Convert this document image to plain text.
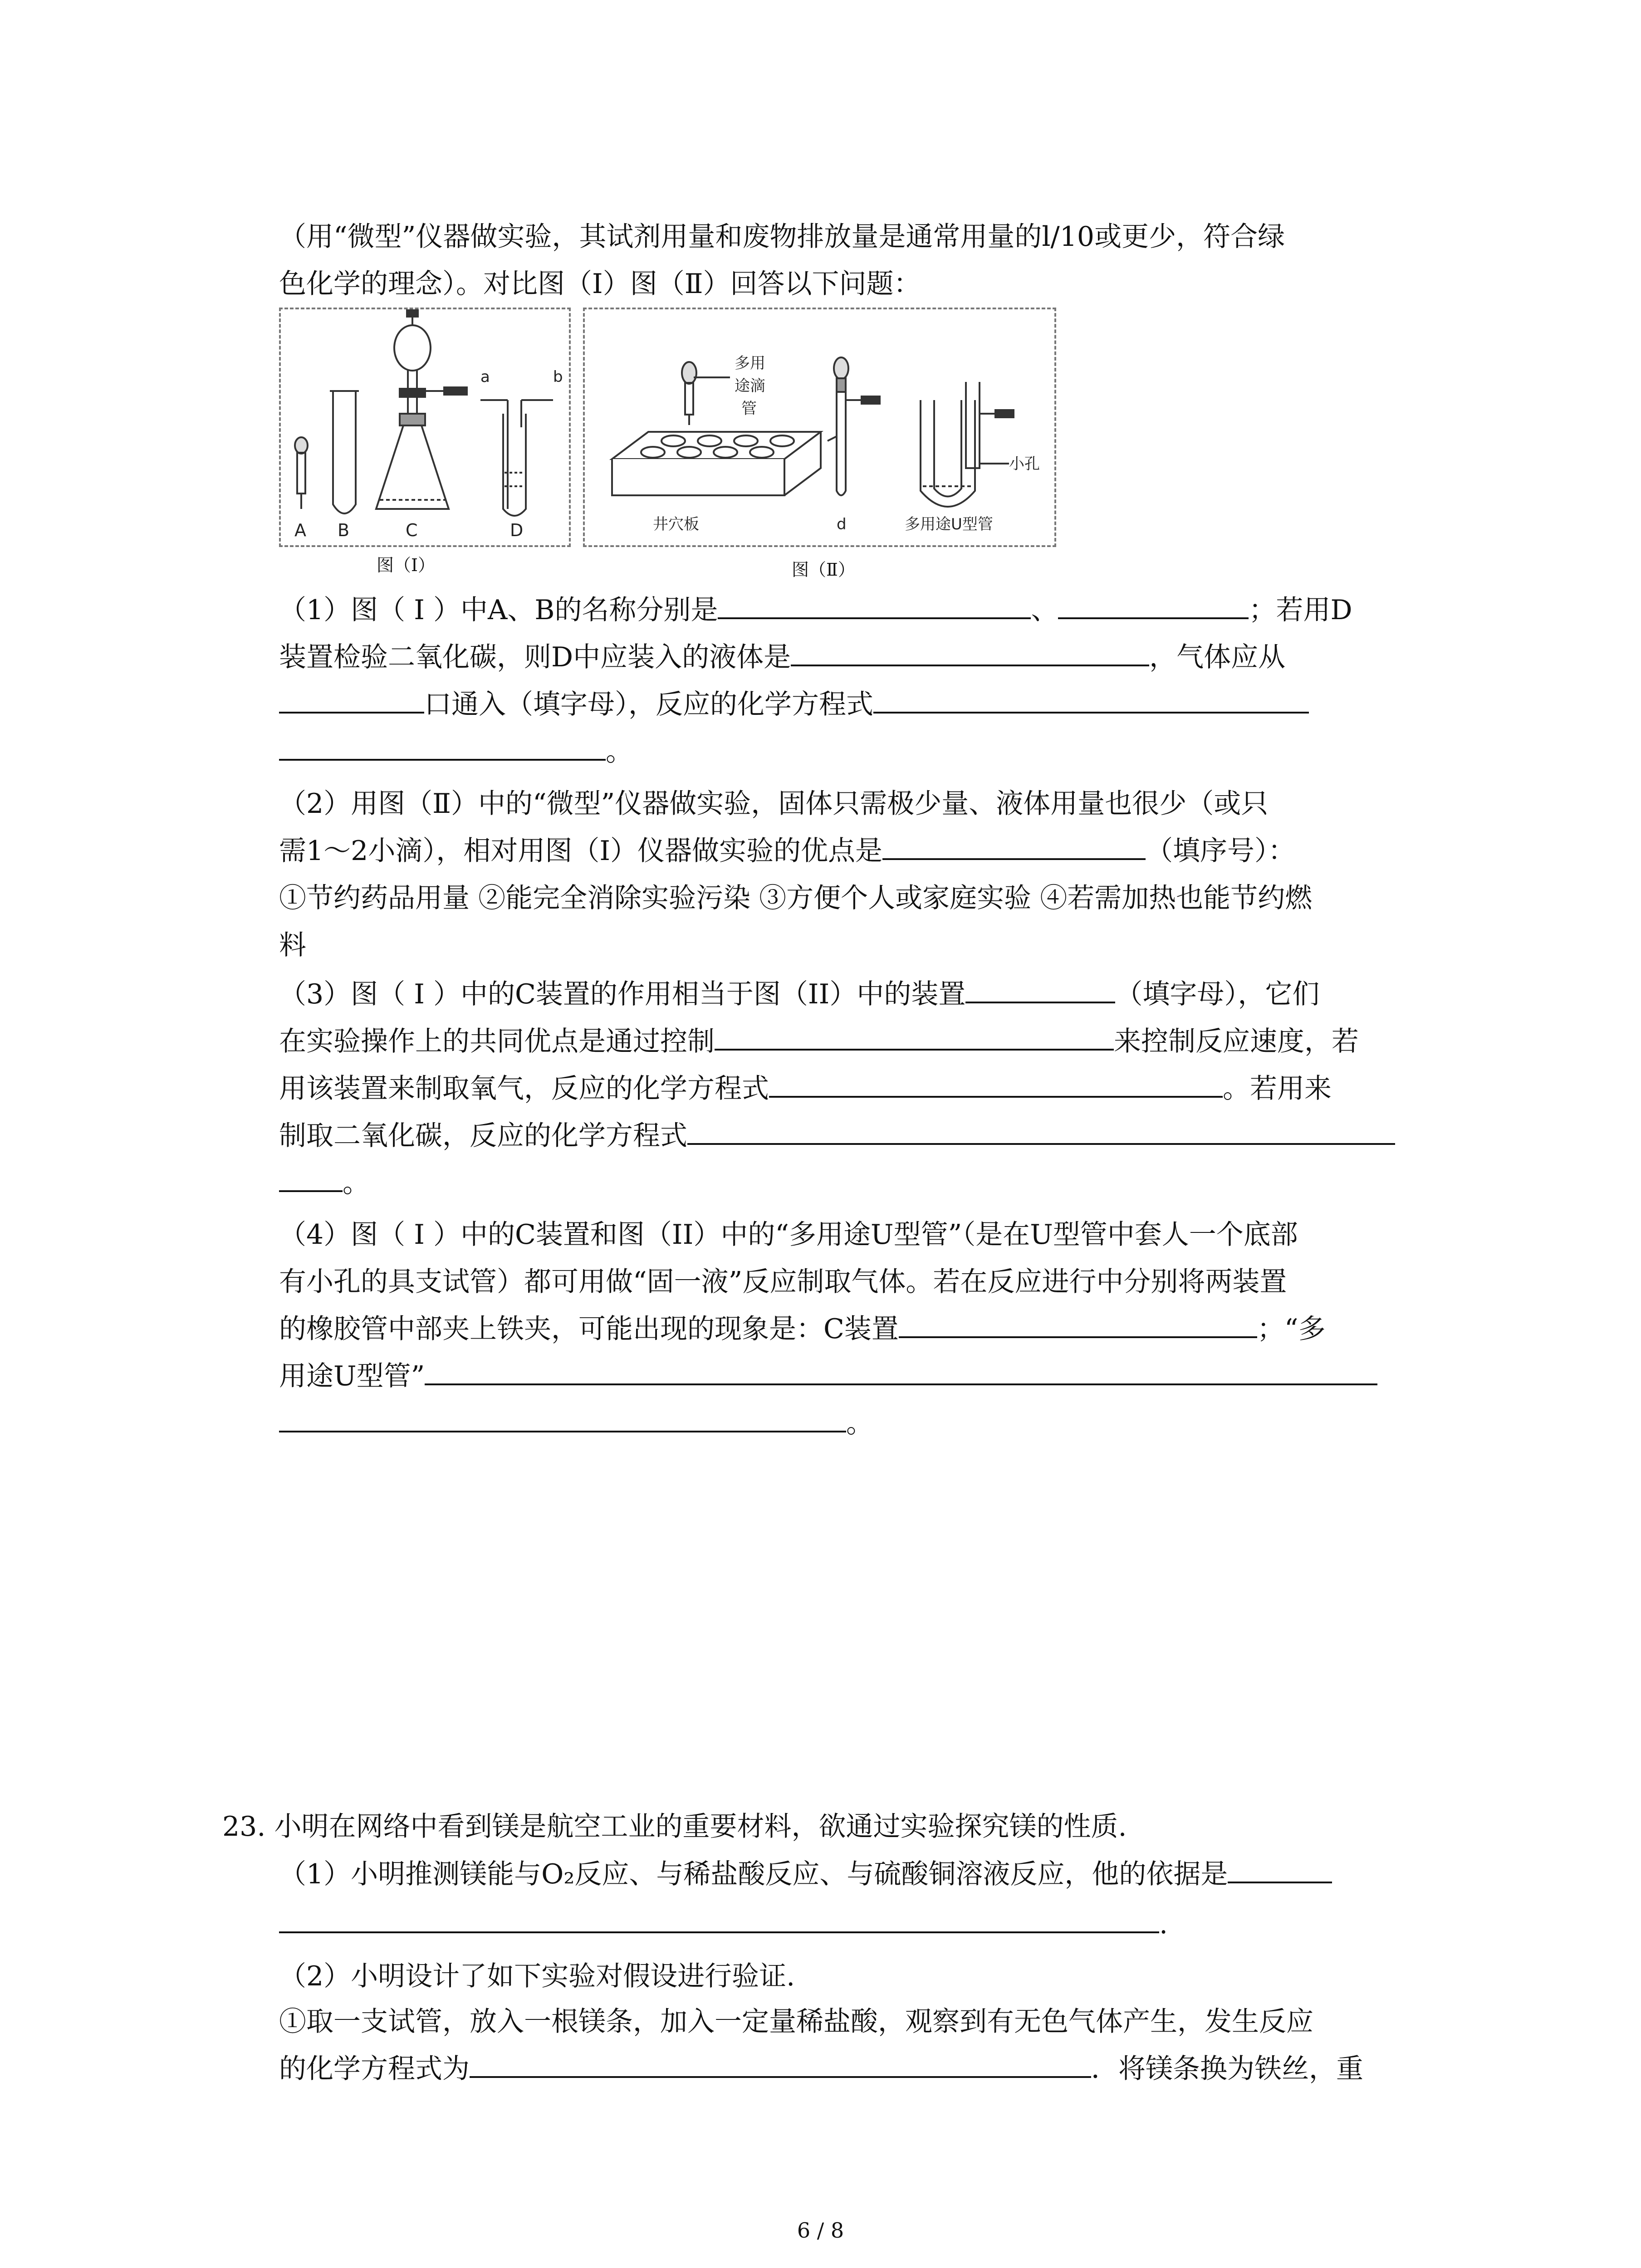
（用“微型”仪器做实验，其试剂用量和废物排放量是通常用量的l/10或更少，符合绿
色化学的理念）。对比图（I）图（Ⅱ）回答以下问题：
a	b
A B	C	D
图（I）
多用
途滴
管
井穴板	d
小孔
多用途U型管
图（Ⅱ）
（1）图（ I ）中A、B的名称分别是	、	；若用D
装置检验二氧化碳，则D中应装入的液体是	，气体应从
口通入（填字母），反应的化学方程式
。
（2）用图（Ⅱ）中的“微型”仪器做实验，固体只需极少量、液体用量也很少（或只
需1～2小滴），相对用图（I）仪器做实验的优点是	（填序号）：
①节约药品用量 ②能完全消除实验污染 ③方便个人或家庭实验 ④若需加热也能节约燃
料
（3）图（ I ）中的C装置的作用相当于图（II）中的装置	（填字母），它们
在实验操作上的共同优点是通过控制	来控制反应速度，若
用该装置来制取氧气，反应的化学方程式	。若用来
制取二氧化碳，反应的化学方程式
。
（4）图（ I ）中的C装置和图（II）中的“多用途U型管”（是在U型管中套人一个底部
有小孔的具支试管）都可用做“固一液”反应制取气体。若在反应进行中分别将两装置
的橡胶管中部夹上铁夹，可能出现的现象是：C装置	；“多
用途U型管”
。
23. 小明在网络中看到镁是航空工业的重要材料，欲通过实验探究镁的性质.
（1）小明推测镁能与O₂反应、与稀盐酸反应、与硫酸铜溶液反应，他的依据是
.
（2）小明设计了如下实验对假设进行验证.
①取一支试管，放入一根镁条，加入一定量稀盐酸，观察到有无色气体产生，发生反应
的化学方程式为	．将镁条换为铁丝，重
6 / 8
